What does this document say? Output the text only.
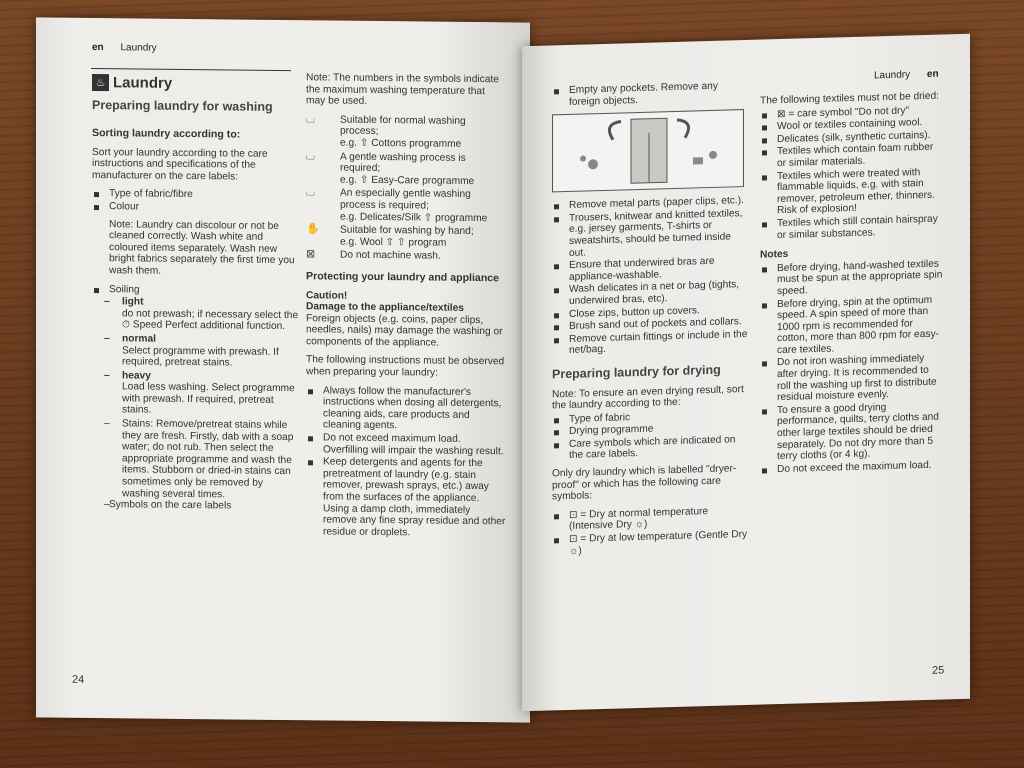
en Laundry
♨ Laundry
Preparing laundry for washing
Sorting laundry according to:

Sort your laundry according to the care instructions and specifications of the manufacturer on the care labels:

Type of fabric/fibre
Colour

Note: Laundry can discolour or not be cleaned correctly. Wash white and coloured items separately. Wash new bright fabrics separately the first time you wash them.

Soiling
– light
do not prewash; if necessary select the ⏱ Speed Perfect additional function.
– normal
Select programme with prewash. If required, pretreat stains.
– heavy
Load less washing. Select programme with prewash. If required, pretreat stains.
– Stains: Remove/pretreat stains while they are fresh. Firstly, dab with a soap water; do not rub. Then select the appropriate programme and wash the items. Stubborn or dried-in stains can sometimes only be removed by washing several times.
– Symbols on the care labels

Note: The numbers in the symbols indicate the maximum washing temperature that may be used.

⌴	Suitable for normal washing process;
e.g. ⇧ Cottons programme
⌴	A gentle washing process is required;
e.g. ⇧ Easy-Care programme
⌴	An especially gentle washing process is required;
e.g. Delicates/Silk ⇧ programme
✋	Suitable for washing by hand;
e.g. Wool ⇧ ⇧ program
⊠	Do not machine wash.
Protecting your laundry and appliance
Caution!
Damage to the appliance/textiles

Foreign objects (e.g. coins, paper clips, needles, nails) may damage the washing or components of the appliance.

The following instructions must be observed when preparing your laundry:

Always follow the manufacturer's instructions when dosing all detergents, cleaning aids, care products and cleaning agents.
Do not exceed maximum load. Overfilling will impair the washing result.
Keep detergents and agents for the pretreatment of laundry (e.g. stain remover, prewash sprays, etc.) away from the surfaces of the appliance. Using a damp cloth, immediately remove any fine spray residue and other residue or droplets.
24
Laundry en
Empty any pockets. Remove any foreign objects.
Remove metal parts (paper clips, etc.).
Trousers, knitwear and knitted textiles, e.g. jersey garments, T-shirts or sweatshirts, should be turned inside out.
Ensure that underwired bras are appliance-washable.
Wash delicates in a net or bag (tights, underwired bras, etc).
Close zips, button up covers.
Brush sand out of pockets and collars.
Remove curtain fittings or include in the net/bag.
Preparing laundry for drying

Note: To ensure an even drying result, sort the laundry according to the:

Type of fabric
Drying programme
Care symbols which are indicated on the care labels.

Only dry laundry which is labelled "dryer-proof" or which has the following care symbols:

⊡ = Dry at normal temperature (Intensive Dry ☼)
⊡ = Dry at low temperature (Gentle Dry ☼)

The following textiles must not be dried:

⊠ = care symbol "Do not dry"
Wool or textiles containing wool.
Delicates (silk, synthetic curtains).
Textiles which contain foam rubber or similar materials.
Textiles which were treated with flammable liquids, e.g. with stain remover, petroleum ether, thinners. Risk of explosion!
Textiles which still contain hairspray or similar substances.
Notes
Before drying, hand-washed textiles must be spun at the appropriate spin speed.
Before drying, spin at the optimum speed. A spin speed of more than 1000 rpm is recommended for cotton, more than 800 rpm for easy-care textiles.
Do not iron washing immediately after drying. It is recommended to roll the washing up first to distribute residual moisture evenly.
To ensure a good drying performance, quilts, terry cloths and other large textiles should be dried separately. Do not dry more than 5 terry cloths (or 4 kg).
Do not exceed the maximum load.
25
